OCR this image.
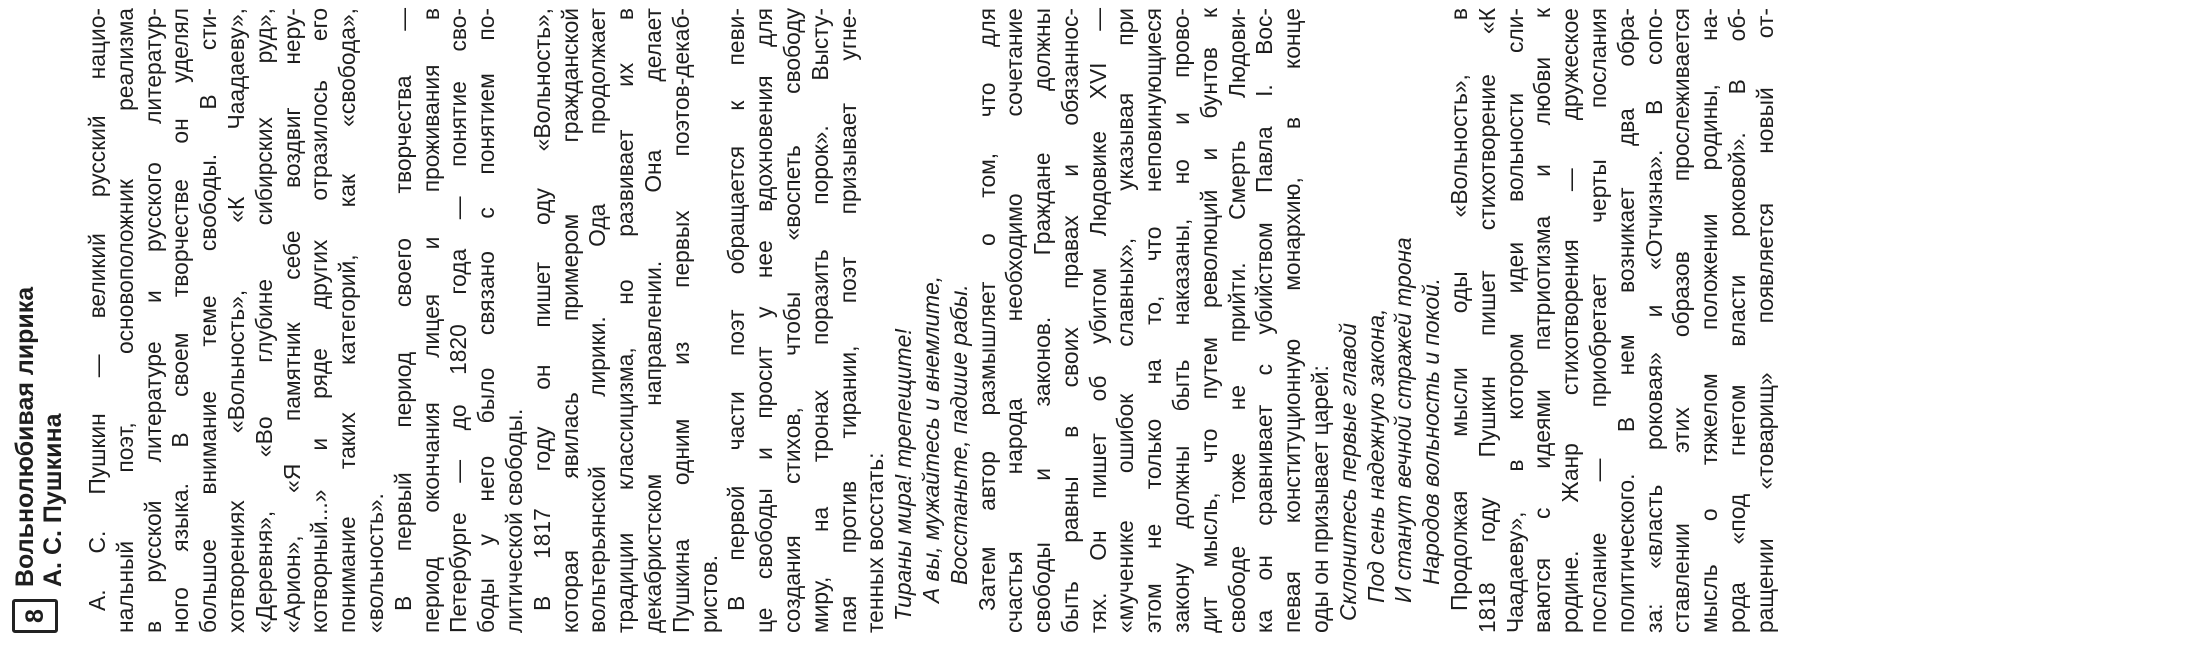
8
Вольнолюбивая лирика А. С. Пушкина А. С. Пушкин — великий русский нацио- нальный поэт, основоположник реализма в русской литературе и русского литератур- ного языка. В своем творчестве он уделял большое внимание теме свободы. В сти- хотворениях «Вольность», «К Чаадаеву», «Деревня», «Во глубине сибирских руд», «Арион», «Я памятник себе воздвиг неру- котворный...» и ряде других отразилось его понимание таких категорий, как «свобода», «вольность». В первый период своего творчества — период окончания лицея и проживания в Петербурге — до 1820 года — понятие сво- боды у него было связано с понятием по- литической свободы. В 1817 году он пишет оду «Вольность», которая явилась примером гражданской вольтерьянской лирики. Ода продолжает традиции классицизма, но развивает их в декабристском направлении. Она делает Пушкина одним из первых поэтов-декаб- ристов. В первой части поэт обращается к певи- це свободы и просит у нее вдохновения для создания стихов, чтобы «воспеть свободу миру, на тронах поразить порок». Высту- пая против тирании, поэт призывает угне- тенных восстать: Тираны мира! трепещите! А вы, мужайтесь и внемлите, Восстаньте, падшие рабы. Затем автор размышляет о том, что для счастья народа необходимо сочетание свободы и законов. Граждане должны быть равны в своих правах и обязаннос- тях. Он пишет об убитом Людовике XVI — «мученике ошибок славных», указывая при этом не только на то, что неповинующиеся закону должны быть наказаны, но и прово- дит мысль, что путем революций и бунтов к свободе тоже не прийти. Смерть Людови- ка он сравнивает с убийством Павла I. Вос- певая конституционную монархию, в конце оды он призывает царей: Склонитесь первые главой Под сень надежную закона, И станут вечной стражей трона Народов вольность и покой. Продолжая мысли оды «Вольность», в 1818 году Пушкин пишет стихотворение «К Чаадаеву», в котором идеи вольности сли- ваются с идеями патриотизма и любви к родине. Жанр стихотворения — дружеское послание — приобретает черты послания политического. В нем возникает два обра- за: «власть роковая» и «Отчизна». В сопо- ставлении этих образов прослеживается мысль о тяжелом положении родины, на- рода «под гнетом власти роковой». В об- ращении «товарищ» появляется новый от-
